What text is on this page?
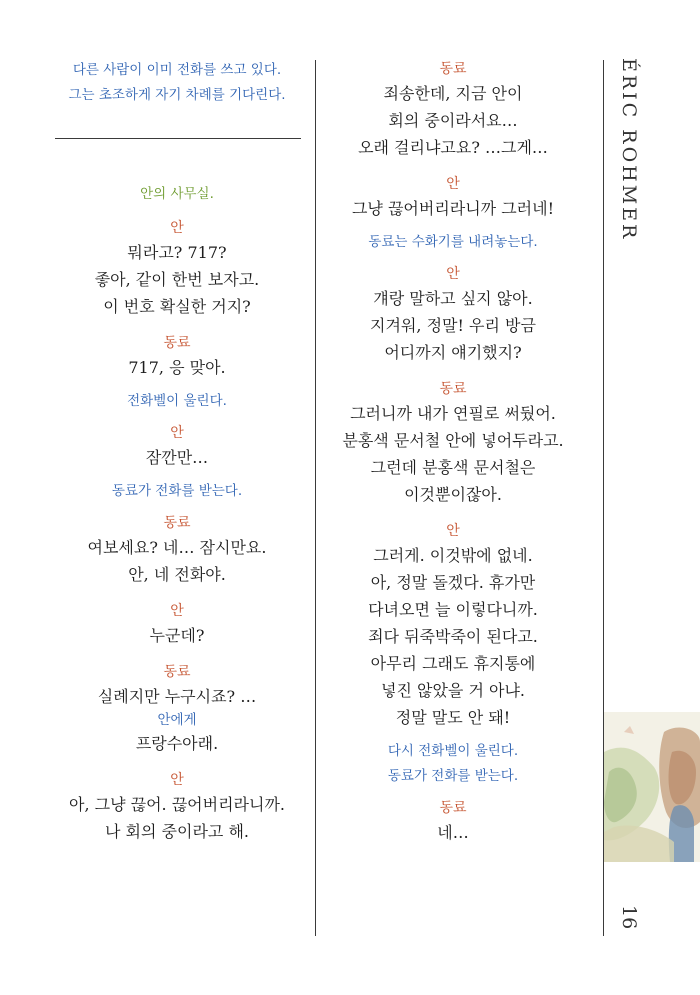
다른 사람이 이미 전화를 쓰고 있다.
그는 초조하게 자기 차례를 기다린다.
안의 사무실.
안
뭐라고? 717?
좋아, 같이 한번 보자고.
이 번호 확실한 거지?
동료
717, 응 맞아.
전화벨이 울린다.
안
잠깐만…
동료가 전화를 받는다.
동료
여보세요? 네… 잠시만요.
안, 네 전화야.
안
누군데?
동료
실례지만 누구시죠? …
안에게
프랑수아래.
안
아, 그냥 끊어. 끊어버리라니까.
나 회의 중이라고 해.
동료
죄송한데, 지금 안이
회의 중이라서요…
오래 걸리냐고요? …그게…
안
그냥 끊어버리라니까 그러네!
동료는 수화기를 내려놓는다.
안
걔랑 말하고 싶지 않아.
지겨워, 정말! 우리 방금
어디까지 얘기했지?
동료
그러니까 내가 연필로 써뒀어.
분홍색 문서철 안에 넣어두라고.
그런데 분홍색 문서철은
이것뿐이잖아.
안
그러게. 이것밖에 없네.
아, 정말 돌겠다. 휴가만
다녀오면 늘 이렇다니까.
죄다 뒤죽박죽이 된다고.
아무리 그래도 휴지통에
넣진 않았을 거 아냐.
정말 말도 안 돼!
다시 전화벨이 울린다.
동료가 전화를 받는다.
동료
네…
ÉRIC ROHMER
16
